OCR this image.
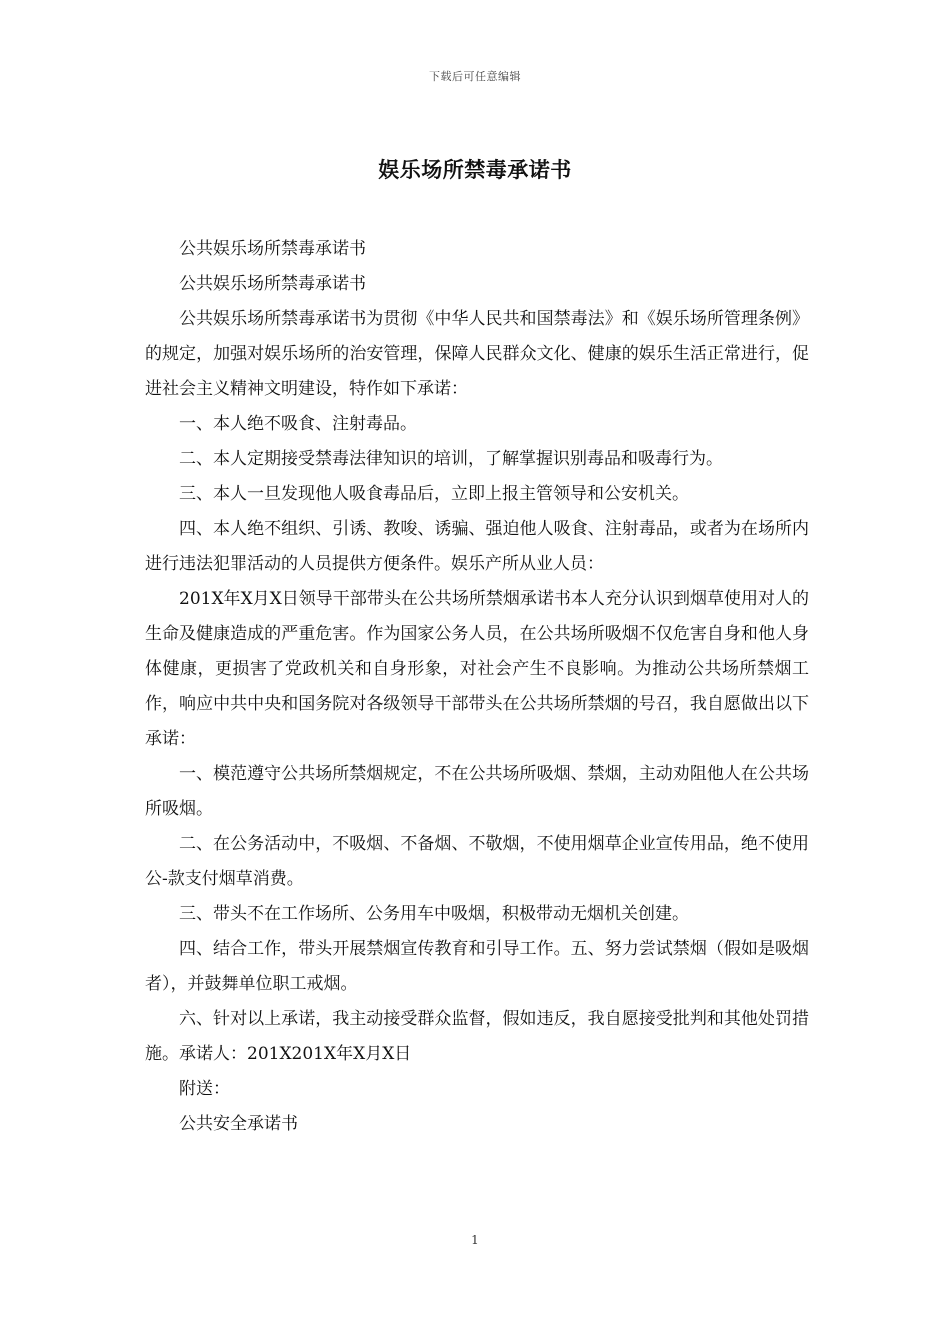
下载后可任意编辑
娱乐场所禁毒承诺书

公共娱乐场所禁毒承诺书

公共娱乐场所禁毒承诺书

公共娱乐场所禁毒承诺书为贯彻《中华人民共和国禁毒法》和《娱乐场所管理条例》的规定，加强对娱乐场所的治安管理，保障人民群众文化、健康的娱乐生活正常进行，促进社会主义精神文明建设，特作如下承诺：

一、本人绝不吸食、注射毒品。

二、本人定期接受禁毒法律知识的培训，了解掌握识别毒品和吸毒行为。

三、本人一旦发现他人吸食毒品后，立即上报主管领导和公安机关。

四、本人绝不组织、引诱、教唆、诱骗、强迫他人吸食、注射毒品，或者为在场所内进行违法犯罪活动的人员提供方便条件。娱乐产所从业人员：

201X年X月X日领导干部带头在公共场所禁烟承诺书本人充分认识到烟草使用对人的生命及健康造成的严重危害。作为国家公务人员，在公共场所吸烟不仅危害自身和他人身体健康，更损害了党政机关和自身形象，对社会产生不良影响。为推动公共场所禁烟工作，响应中共中央和国务院对各级领导干部带头在公共场所禁烟的号召，我自愿做出以下承诺：

一、模范遵守公共场所禁烟规定，不在公共场所吸烟、禁烟，主动劝阻他人在公共场所吸烟。

二、在公务活动中，不吸烟、不备烟、不敬烟，不使用烟草企业宣传用品，绝不使用公-款支付烟草消费。

三、带头不在工作场所、公务用车中吸烟，积极带动无烟机关创建。

四、结合工作，带头开展禁烟宣传教育和引导工作。五、努力尝试禁烟（假如是吸烟者），并鼓舞单位职工戒烟。

六、针对以上承诺，我主动接受群众监督，假如违反，我自愿接受批判和其他处罚措施。承诺人：201X201X年X月X日

附送：

公共安全承诺书

1
